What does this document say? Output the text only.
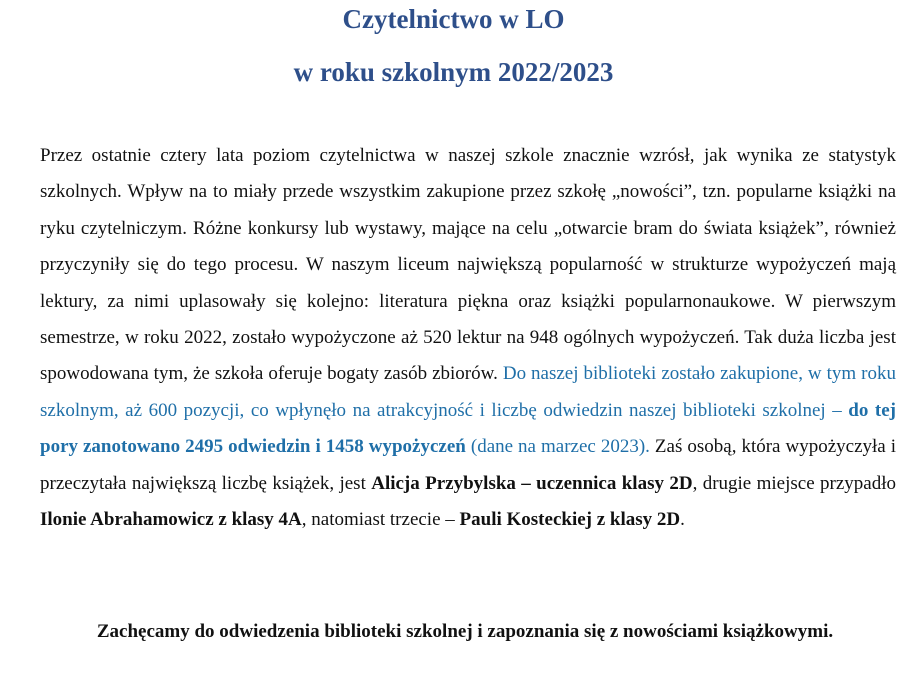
Czytelnictwo w LO
w roku szkolnym 2022/2023

Przez ostatnie cztery lata poziom czytelnictwa w naszej szkole znacznie wzrósł, jak wynika ze statystyk szkolnych. Wpływ na to miały przede wszystkim zakupione przez szkołę „nowości”, tzn. popularne książki na ryku czytelniczym. Różne konkursy lub wystawy, mające na celu „otwarcie bram do świata książek”, również przyczyniły się do tego procesu. W naszym liceum największą popularność w strukturze wypożyczeń mają lektury, za nimi uplasowały się kolejno: literatura piękna oraz książki popularnonaukowe. W pierwszym semestrze, w roku 2022, zostało wypożyczone aż 520 lektur na 948 ogólnych wypożyczeń. Tak duża liczba jest spowodowana tym, że szkoła oferuje bogaty zasób zbiorów. Do naszej biblioteki zostało zakupione, w tym roku szkolnym, aż 600 pozycji, co wpłynęło na atrakcyjność i liczbę odwiedzin naszej biblioteki szkolnej – do tej pory zanotowano 2495 odwiedzin i 1458 wypożyczeń (dane na marzec 2023). Zaś osobą, która wypożyczyła i przeczytała największą liczbę książek, jest Alicja Przybylska – uczennica klasy 2D, drugie miejsce przypadło Ilonie Abrahamowicz z klasy 4A, natomiast trzecie – Pauli Kosteckiej z klasy 2D.

Zachęcamy do odwiedzenia biblioteki szkolnej i zapoznania się z nowościami książkowymi.
